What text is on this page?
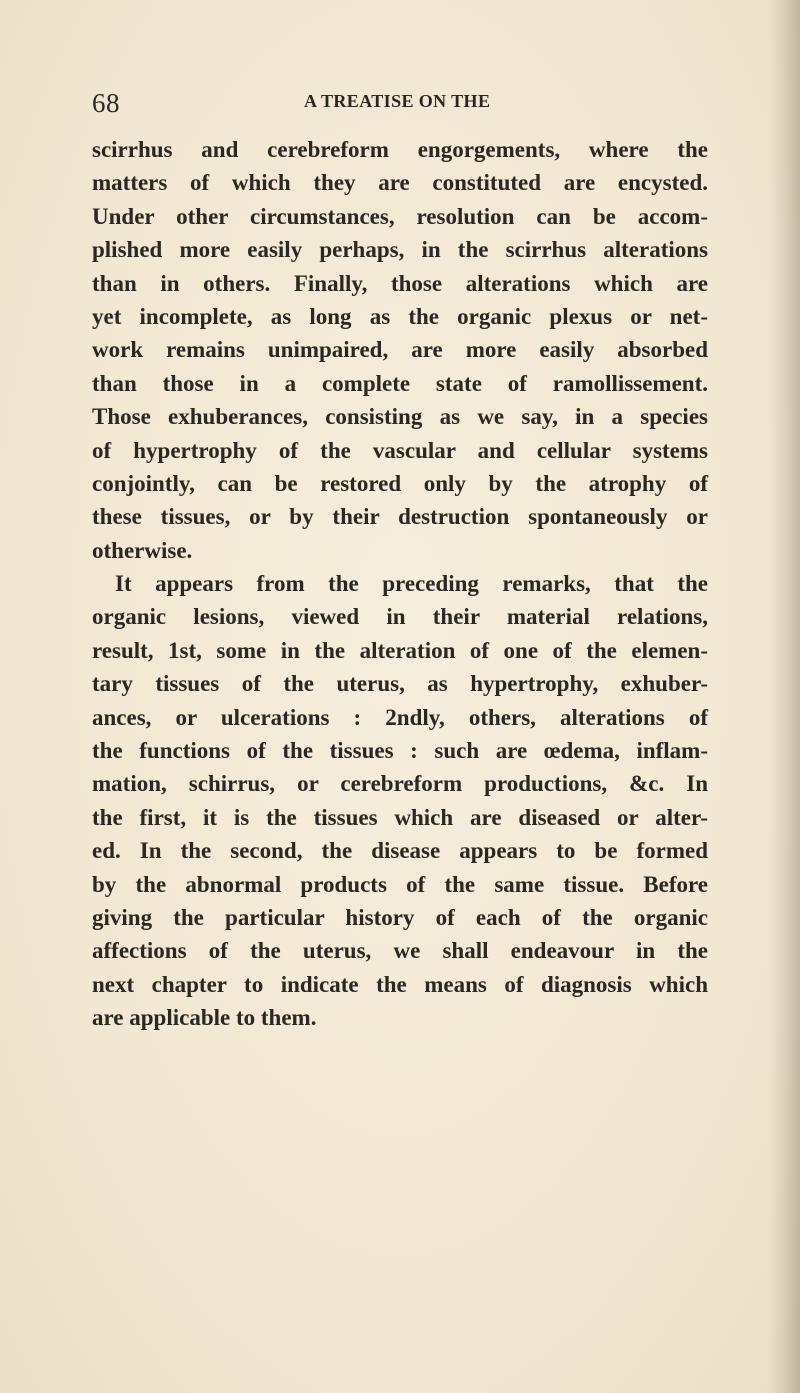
68	A TREATISE ON THE
scirrhus and cerebreform engorgements, where the
matters of which they are constituted are encysted.
Under other circumstances, resolution can be accom-
plished more easily perhaps, in the scirrhus alterations
than in others. Finally, those alterations which are
yet incomplete, as long as the organic plexus or net-
work remains unimpaired, are more easily absorbed
than those in a complete state of ramollissement.
Those exhuberances, consisting as we say, in a species
of hypertrophy of the vascular and cellular systems
conjointly, can be restored only by the atrophy of
these tissues, or by their destruction spontaneously or
otherwise.
It appears from the preceding remarks, that the
organic lesions, viewed in their material relations,
result, 1st, some in the alteration of one of the elemen-
tary tissues of the uterus, as hypertrophy, exhuber-
ances, or ulcerations : 2ndly, others, alterations of
the functions of the tissues : such are œdema, inflam-
mation, schirrus, or cerebreform productions, &c. In
the first, it is the tissues which are diseased or alter-
ed. In the second, the disease appears to be formed
by the abnormal products of the same tissue. Before
giving the particular history of each of the organic
affections of the uterus, we shall endeavour in the
next chapter to indicate the means of diagnosis which
are applicable to them.
